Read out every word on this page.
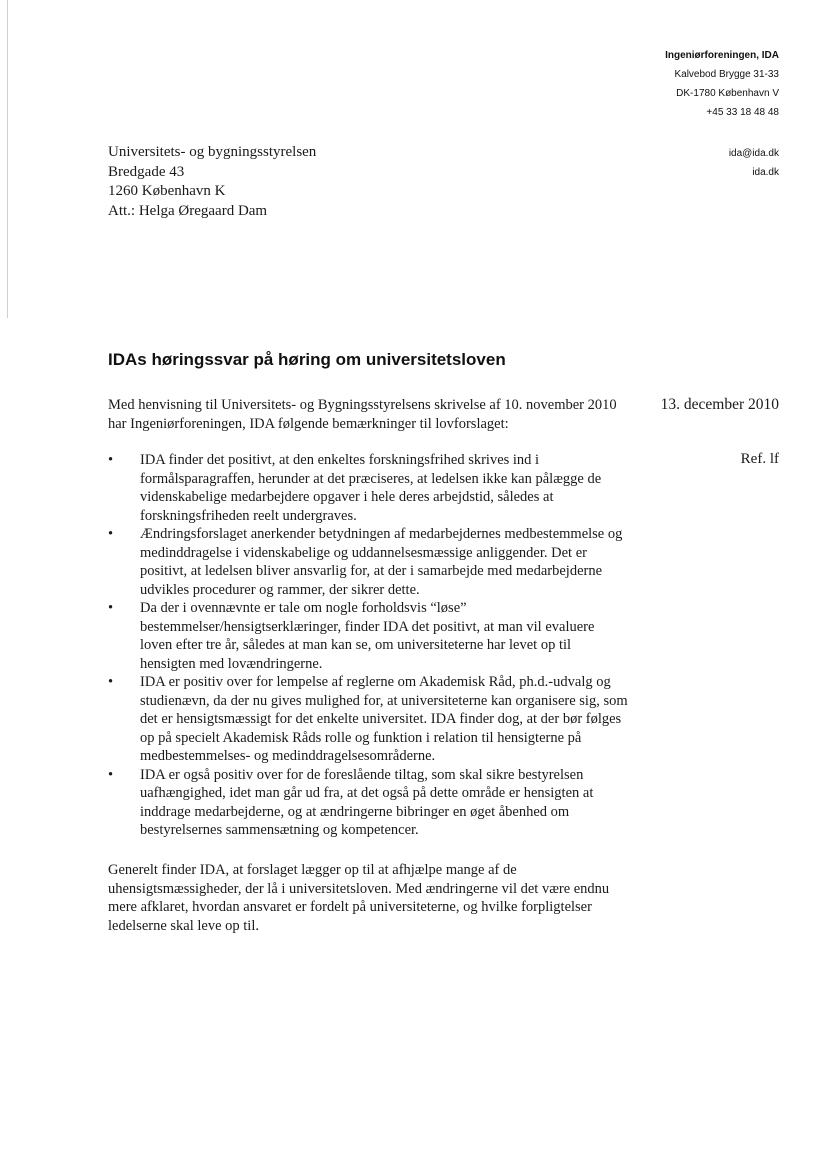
Ingeniørforeningen, IDA
Kalvebod Brygge 31-33
DK-1780 København V
+45 33 18 48 48
ida@ida.dk
ida.dk
Universitets- og bygningsstyrelsen
Bredgade 43
1260 København K
Att.: Helga Øregaard Dam
IDAs høringssvar på høring om universitetsloven
13. december 2010
Ref. lf

Med henvisning til Universitets- og Bygningsstyrelsens skrivelse af 10. november 2010 har Ingeniørforeningen, IDA følgende bemærkninger til lovforslaget:

• IDA finder det positivt, at den enkeltes forskningsfrihed skrives ind i formålsparagraffen, herunder at det præciseres, at ledelsen ikke kan pålægge de videnskabelige medarbejdere opgaver i hele deres arbejdstid, således at forskningsfriheden reelt undergraves.
• Ændringsforslaget anerkender betydningen af medarbejdernes medbestemmelse og medinddragelse i videnskabelige og uddannelsesmæssige anliggender. Det er positivt, at ledelsen bliver ansvarlig for, at der i samarbejde med medarbejderne udvikles procedurer og rammer, der sikrer dette.
• Da der i ovennævnte er tale om nogle forholdsvis “løse” bestemmelser/hensigtserklæringer, finder IDA det positivt, at man vil evaluere loven efter tre år, således at man kan se, om universiteterne har levet op til hensigten med lovændringerne.
• IDA er positiv over for lempelse af reglerne om Akademisk Råd, ph.d.-udvalg og studienævn, da der nu gives mulighed for, at universiteterne kan organisere sig, som det er hensigtsmæssigt for det enkelte universitet. IDA finder dog, at der bør følges op på specielt Akademisk Råds rolle og funktion i relation til hensigterne på medbestemmelses- og medinddragelsesområderne.
• IDA er også positiv over for de foreslående tiltag, som skal sikre bestyrelsen uafhængighed, idet man går ud fra, at det også på dette område er hensigten at inddrage medarbejderne, og at ændringerne bibringer en øget åbenhed om bestyrelsernes sammensætning og kompetencer.

Generelt finder IDA, at forslaget lægger op til at afhjælpe mange af de uhensigtsmæssigheder, der lå i universitetsloven. Med ændringerne vil det være endnu mere afklaret, hvordan ansvaret er fordelt på universiteterne, og hvilke forpligtelser ledelserne skal leve op til.
